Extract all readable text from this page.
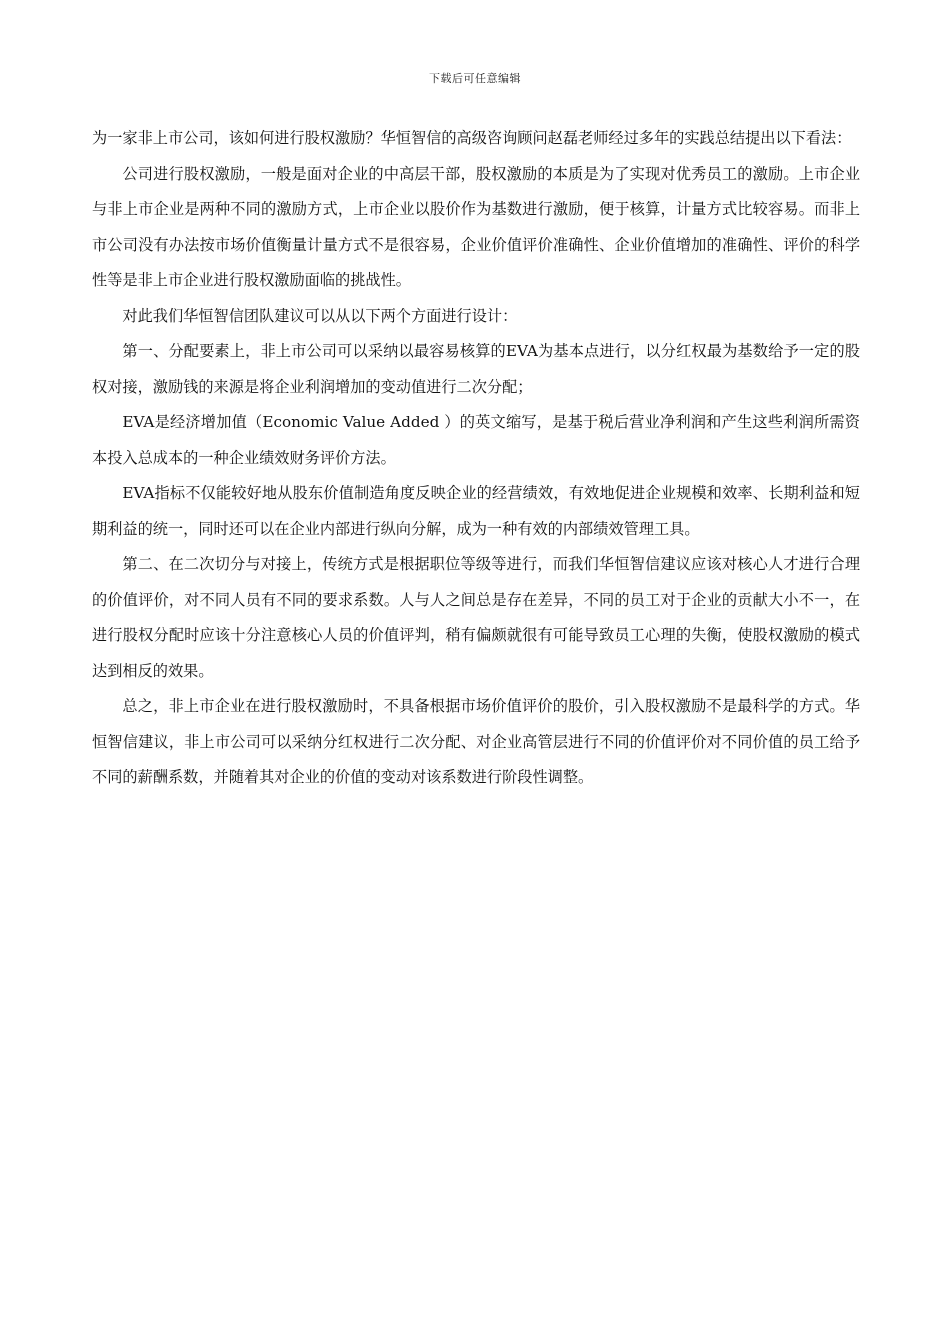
下载后可任意编辑

为一家非上市公司，该如何进行股权激励？华恒智信的高级咨询顾问赵磊老师经过多年的实践总结提出以下看法：

公司进行股权激励，一般是面对企业的中高层干部，股权激励的本质是为了实现对优秀员工的激励。上市企业与非上市企业是两种不同的激励方式，上市企业以股价作为基数进行激励，便于核算，计量方式比较容易。而非上市公司没有办法按市场价值衡量计量方式不是很容易，企业价值评价准确性、企业价值增加的准确性、评价的科学性等是非上市企业进行股权激励面临的挑战性。

对此我们华恒智信团队建议可以从以下两个方面进行设计：

第一、分配要素上，非上市公司可以采纳以最容易核算的EVA为基本点进行，以分红权最为基数给予一定的股权对接，激励钱的来源是将企业利润增加的变动值进行二次分配；

EVA是经济增加值（Economic Value Added ）的英文缩写，是基于税后营业净利润和产生这些利润所需资本投入总成本的一种企业绩效财务评价方法。

EVA指标不仅能较好地从股东价值制造角度反映企业的经营绩效，有效地促进企业规模和效率、长期利益和短期利益的统一，同时还可以在企业内部进行纵向分解，成为一种有效的内部绩效管理工具。

第二、在二次切分与对接上，传统方式是根据职位等级等进行，而我们华恒智信建议应该对核心人才进行合理的价值评价，对不同人员有不同的要求系数。人与人之间总是存在差异，不同的员工对于企业的贡献大小不一，在进行股权分配时应该十分注意核心人员的价值评判，稍有偏颇就很有可能导致员工心理的失衡，使股权激励的模式达到相反的效果。

总之，非上市企业在进行股权激励时，不具备根据市场价值评价的股价，引入股权激励不是最科学的方式。华恒智信建议，非上市公司可以采纳分红权进行二次分配、对企业高管层进行不同的价值评价对不同价值的员工给予不同的薪酬系数，并随着其对企业的价值的变动对该系数进行阶段性调整。
